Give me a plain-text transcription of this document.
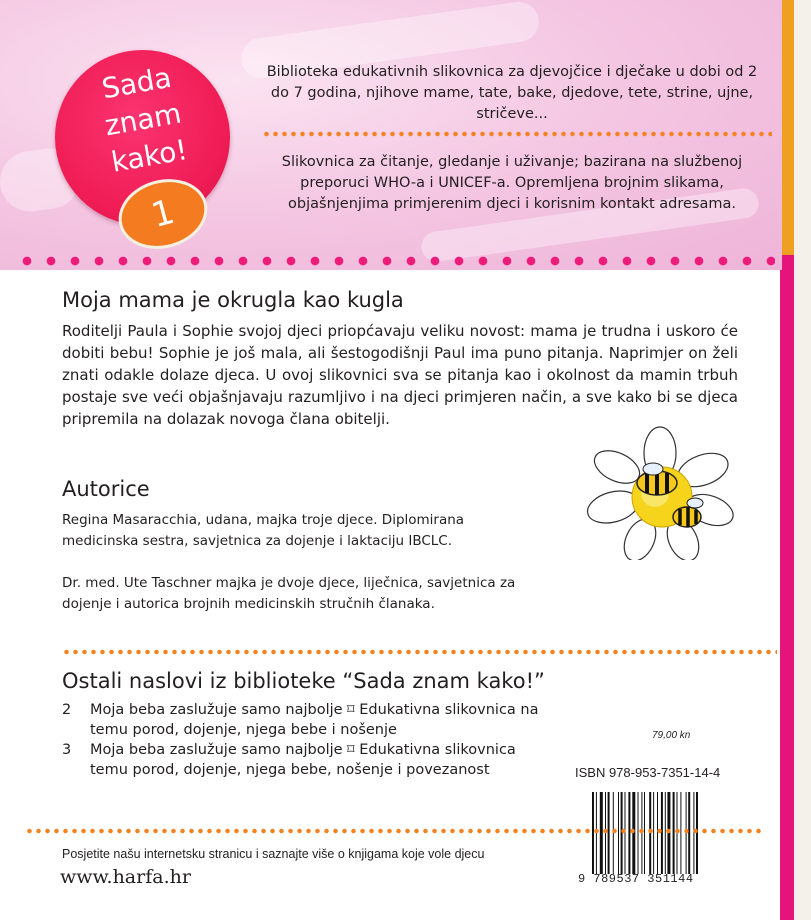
Sada
znam
kako!

1

Biblioteka edukativnih slikovnica za djevojčice i dječake u dobi od 2 do 7 godina, njihove mame, tate, bake, djedove, tete, strine, ujne, stričeve...

Slikovnica za čitanje, gledanje i uživanje; bazirana na službenoj preporuci WHO-a i UNICEF-a. Opremljena brojnim slikama, objašnjenjima primjerenim djeci i korisnim kontakt adresama.

Moja mama je okrugla kao kugla

Roditelji Paula i Sophie svojoj djeci priopćavaju veliku novost: mama je trudna i uskoro će dobiti bebu! Sophie je još mala, ali šestogodišnji Paul ima puno pitanja. Naprimjer on želi znati odakle dolaze djeca. U ovoj slikovnici sva se pitanja kao i okolnost da mamin trbuh postaje sve veći objašnjavaju razumljivo i na djeci primjeren način, a sve kako bi se djeca pripremila na dolazak novoga člana obitelji.

Autorice

Regina Masaracchia, udana, majka troje djece. Diplomirana medicinska sestra, savjetnica za dojenje i laktaciju IBCLC.

Dr. med. Ute Taschner majka je dvoje djece, liječnica, savjetnica za dojenje i autorica brojnih medicinskih stručnih članaka.

Ostali naslovi iz biblioteke “Sada znam kako!”
2	Moja beba zaslužuje samo najbolje ⌑ Edukativna slikovnica na temu porod, dojenje, njega bebe i nošenje
3	Moja beba zaslužuje samo najbolje ⌑ Edukativna slikovnica temu porod, dojenje, njega bebe, nošenje i povezanost

79,00 kn

ISBN 978-953-7351-14-4

9 789537 351144

Posjetite našu internetsku stranicu i saznajte više o knjigama koje vole djecu

www.harfa.hr
